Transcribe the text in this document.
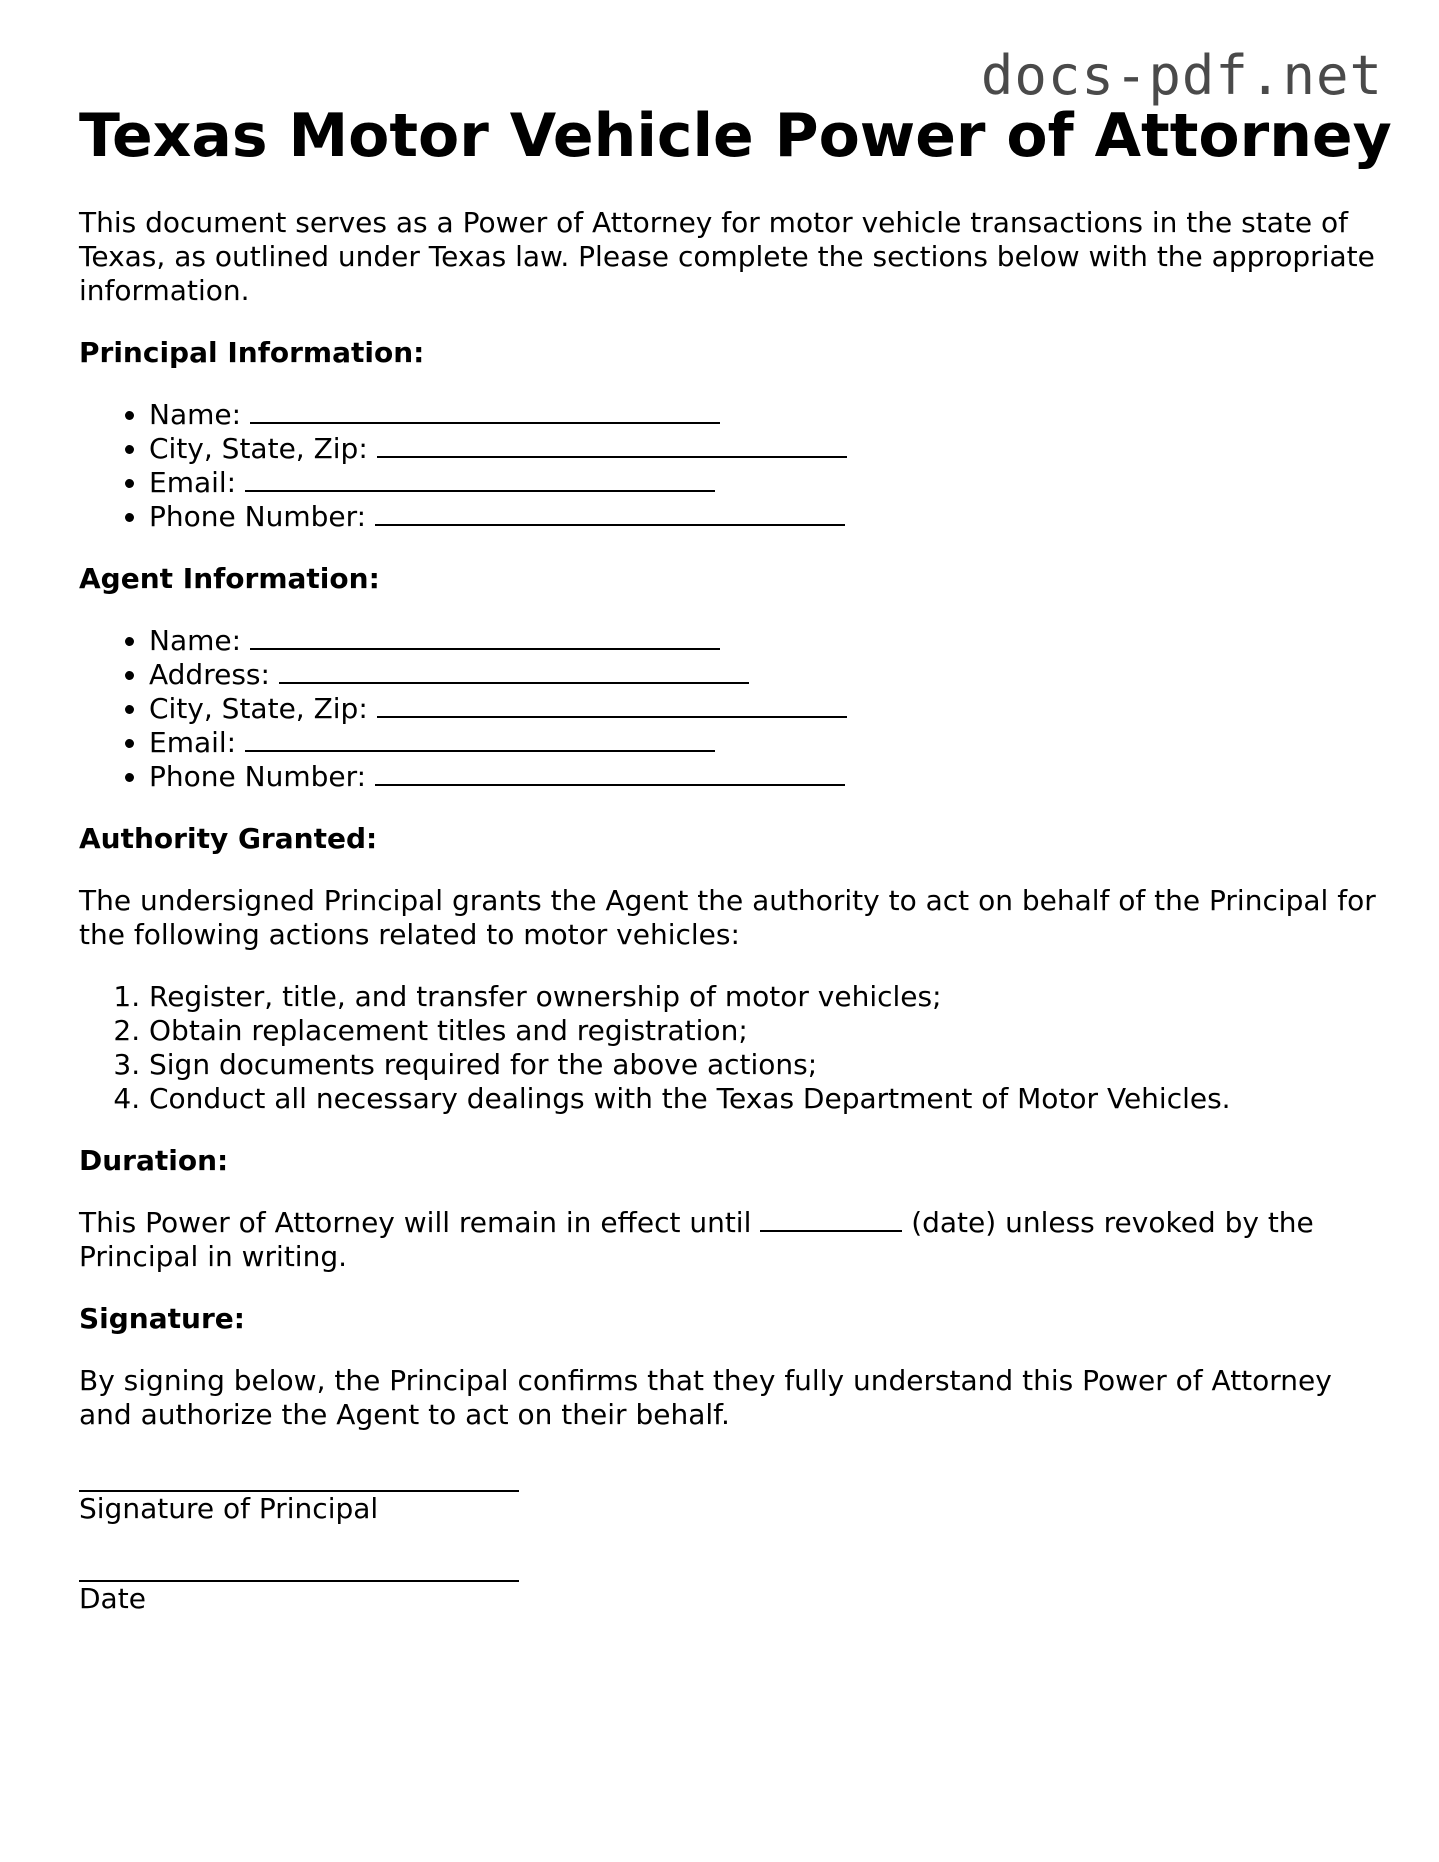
docs-pdf.net
Texas Motor Vehicle Power of Attorney

This document serves as a Power of Attorney for motor vehicle transactions in the state of Texas, as outlined under Texas law. Please complete the sections below with the appropriate information.

Principal Information:
• Name:
• City, State, Zip:
• Email:
• Phone Number:
Agent Information:
• Name:
• Address:
• City, State, Zip:
• Email:
• Phone Number:
Authority Granted:

The undersigned Principal grants the Agent the authority to act on behalf of the Principal for the following actions related to motor vehicles:

1. Register, title, and transfer ownership of motor vehicles;
2. Obtain replacement titles and registration;
3. Sign documents required for the above actions;
4. Conduct all necessary dealings with the Texas Department of Motor Vehicles.
Duration:

This Power of Attorney will remain in effect until	(date) unless revoked by the Principal in writing.

Signature:

By signing below, the Principal confirms that they fully understand this Power of Attorney and authorize the Agent to act on their behalf.

Signature of Principal
Date
